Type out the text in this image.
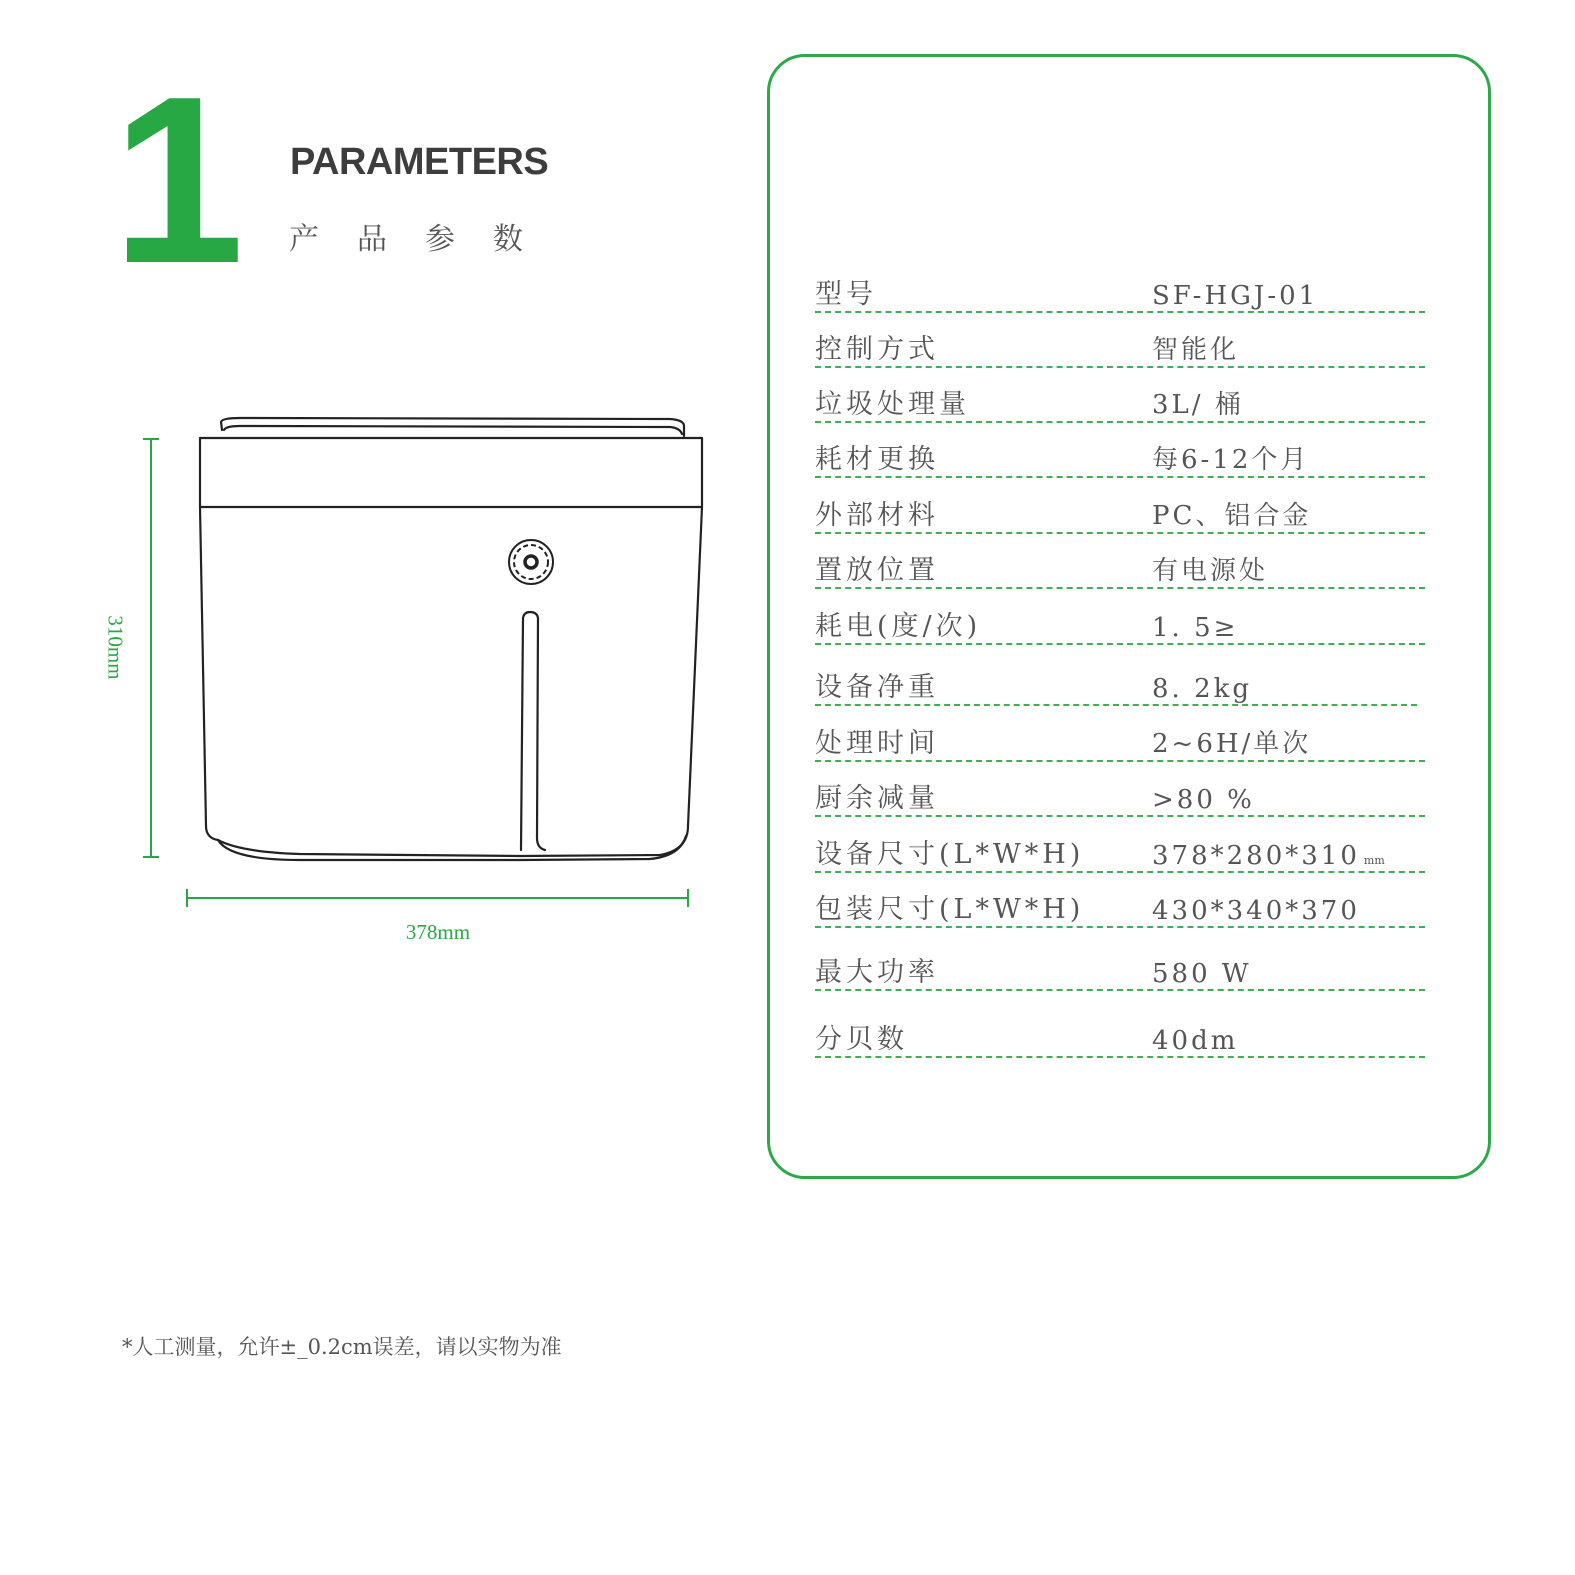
1 PARAMETERS
产品参数
310mm
378mm
型号	SF-HGJ-01
控制方式	智能化
垃圾处理量	3L/ 桶
耗材更换	每6-12个月
外部材料	PC、铝合金
置放位置	有电源处
耗电(度/次)	1. 5≥
设备净重	8. 2kg
处理时间	2~6H/单次
厨余减量	>80 %
设备尺寸(L*W*H)	378*280*310 mm
包装尺寸(L*W*H)	430*340*370
最大功率	580 W
分贝数	40dm
*人工测量，允许±_0.2cm误差，请以实物为准
